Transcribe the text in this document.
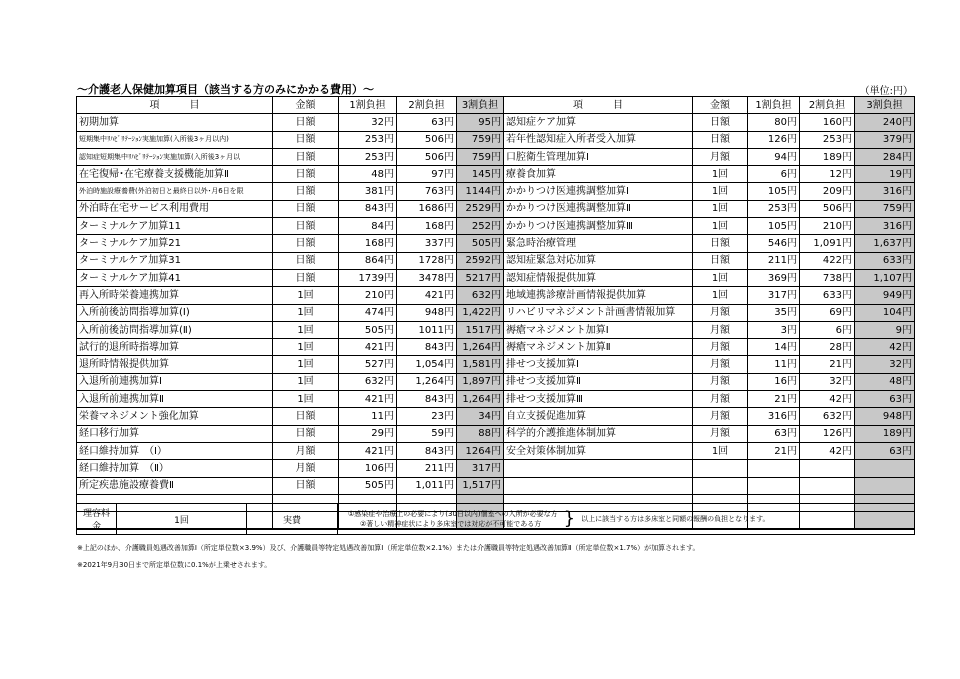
～介護老人保健加算項目（該当する方のみにかかる費用）～	（単位:円）
項　　　目	金額	1割負担	2割負担	3割負担	項　　　目	金額	1割負担	2割負担	3割負担
初期加算	日額	32円	63円	95円	認知症ケア加算	日額	80円	160円	240円
短期集中ﾘﾊﾋﾞﾘﾃｰｼｮﾝ実施加算(入所後3ヶ月以内)	日額	253円	506円	759円	若年性認知症入所者受入加算	日額	126円	253円	379円
認知症短期集中ﾘﾊﾋﾞﾘﾃｰｼｮﾝ実施加算(入所後3ヶ月以	日額	253円	506円	759円	口腔衛生管理加算Ⅰ	月額	94円	189円	284円
在宅復帰･在宅療養支援機能加算Ⅱ	日額	48円	97円	145円	療養食加算	1回	6円	12円	19円
外泊時施設療養費(外泊初日と最終日以外･月6日を限	日額	381円	763円	1144円	かかりつけ医連携調整加算Ⅰ	1回	105円	209円	316円
外泊時在宅サービス利用費用	日額	843円	1686円	2529円	かかりつけ医連携調整加算Ⅱ	1回	253円	506円	759円
ターミナルケア加算11	日額	84円	168円	252円	かかりつけ医連携調整加算Ⅲ	1回	105円	210円	316円
ターミナルケア加算21	日額	168円	337円	505円	緊急時治療管理	日額	546円	1,091円	1,637円
ターミナルケア加算31	日額	864円	1728円	2592円	認知症緊急対応加算	日額	211円	422円	633円
ターミナルケア加算41	日額	1739円	3478円	5217円	認知症情報提供加算	1回	369円	738円	1,107円
再入所時栄養連携加算	1回	210円	421円	632円	地域連携診療計画情報提供加算	1回	317円	633円	949円
入所前後訪問指導加算(Ⅰ)	1回	474円	948円	1,422円	リハビリマネジメント計画書情報加算	月額	35円	69円	104円
入所前後訪問指導加算(Ⅱ)	1回	505円	1011円	1517円	褥瘡マネジメント加算Ⅰ	月額	3円	6円	9円
試行的退所時指導加算	1回	421円	843円	1,264円	褥瘡マネジメント加算Ⅱ	月額	14円	28円	42円
退所時情報提供加算	1回	527円	1,054円	1,581円	排せつ支援加算Ⅰ	月額	11円	21円	32円
入退所前連携加算Ⅰ	1回	632円	1,264円	1,897円	排せつ支援加算Ⅱ	月額	16円	32円	48円
入退所前連携加算Ⅱ	1回	421円	843円	1,264円	排せつ支援加算Ⅲ	月額	21円	42円	63円
栄養マネジメント強化加算	日額	11円	23円	34円	自立支援促進加算	月額	316円	632円	948円
経口移行加算	日額	29円	59円	88円	科学的介護推進体制加算	月額	63円	126円	189円
経口維持加算　（Ⅰ）	月額	421円	843円	1264円	安全対策体制加算	1回	21円	42円	63円
経口維持加算　（Ⅱ）	月額	106円	211円	317円					
所定疾患施設療養費Ⅱ	日額	505円	1,011円	1,517円					

理容料金	1回	実費	
①感染症や治療上の必要により(30日以内)個室への入所が必要な方
②著しい精神症状により多床室では対応が不可能である方	} 以上に該当する方は多床室と同額の報酬の負担となります。
※上記のほか、介護職員処遇改善加算Ⅰ（所定単位数×3.9%）及び、介護職員等特定処遇改善加算Ⅰ（所定単位数×2.1%）または介護職員等特定処遇改善加算Ⅱ（所定単位数×1.7%）が加算されます。
※2021年9月30日まで所定単位数に0.1%が上乗せされます。
